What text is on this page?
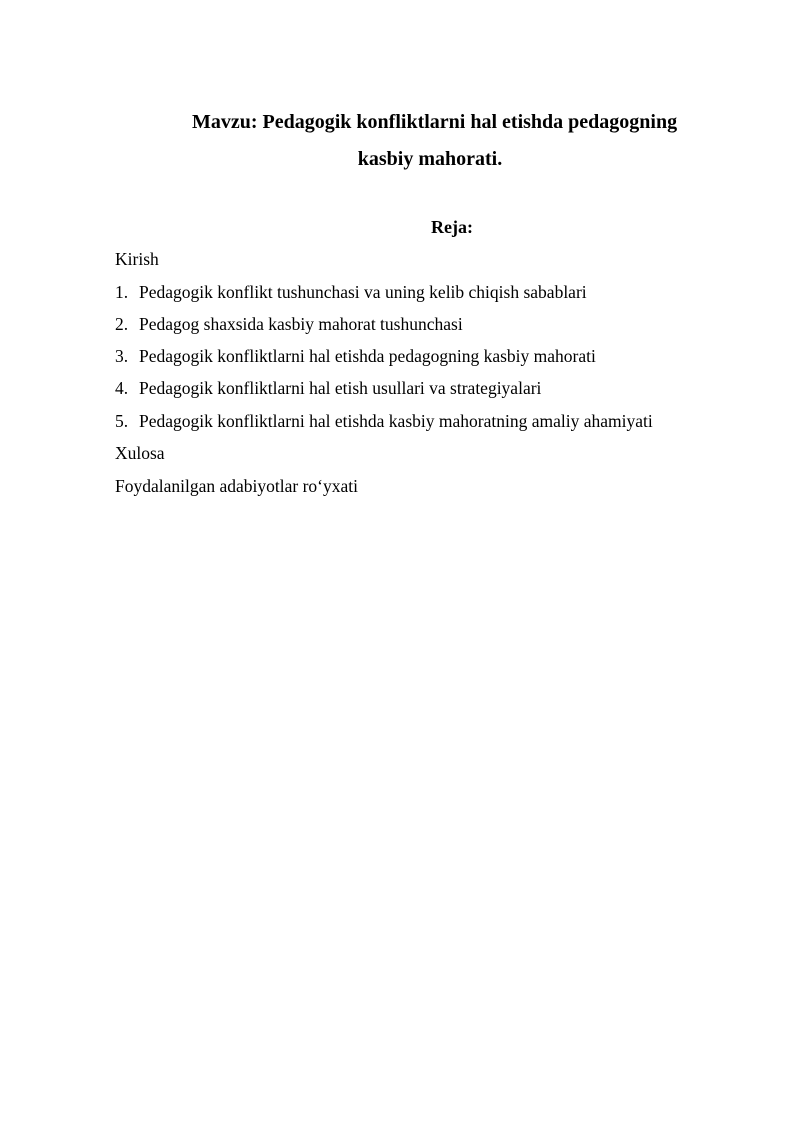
Mavzu: Pedagogik konfliktlarni hal etishda pedagogning
kasbiy mahorati.
Reja:
Kirish
1. Pedagogik konflikt tushunchasi va uning kelib chiqish sabablari
2. Pedagog shaxsida kasbiy mahorat tushunchasi
3. Pedagogik konfliktlarni hal etishda pedagogning kasbiy mahorati
4. Pedagogik konfliktlarni hal etish usullari va strategiyalari
5. Pedagogik konfliktlarni hal etishda kasbiy mahoratning amaliy ahamiyati
Xulosa
Foydalanilgan adabiyotlar ro‘yxati
